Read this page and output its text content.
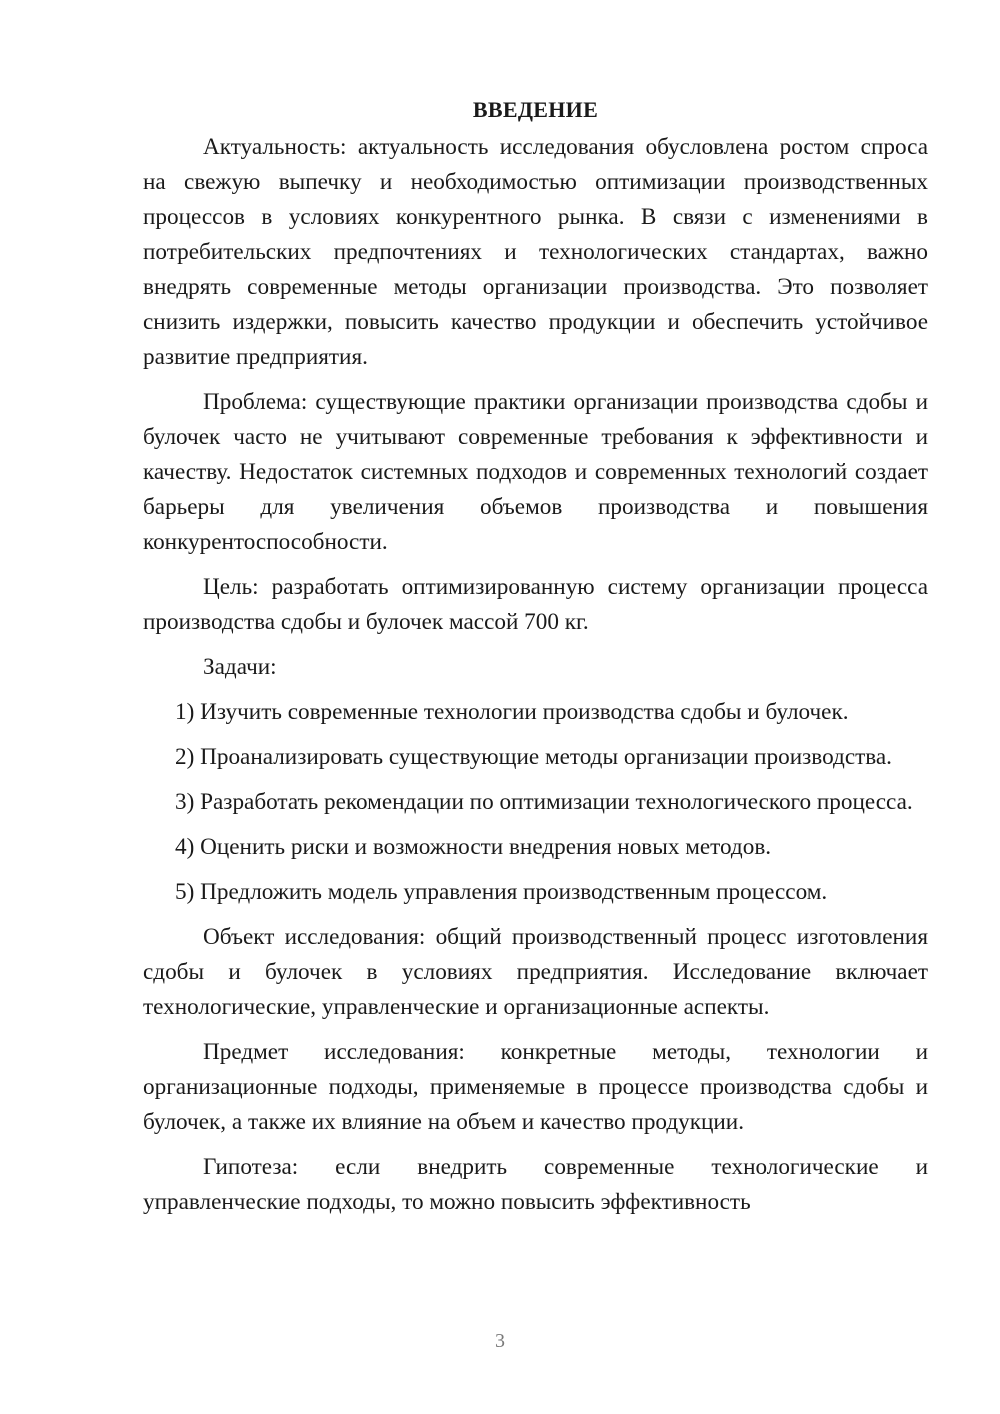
ВВЕДЕНИЕ

Актуальность: актуальность исследования обусловлена ростом спроса на свежую выпечку и необходимостью оптимизации производственных процессов в условиях конкурентного рынка. В связи с изменениями в потребительских предпочтениях и технологических стандартах, важно внедрять современные методы организации производства. Это позволяет снизить издержки, повысить качество продукции и обеспечить устойчивое развитие предприятия.

Проблема: существующие практики организации производства сдобы и булочек часто не учитывают современные требования к эффективности и качеству. Недостаток системных подходов и современных технологий создает барьеры для увеличения объемов производства и повышения конкурентоспособности.

Цель: разработать оптимизированную систему организации процесса производства сдобы и булочек массой 700 кг.

Задачи:

1) Изучить современные технологии производства сдобы и булочек.

2) Проанализировать существующие методы организации производства.

3) Разработать рекомендации по оптимизации технологического процесса.

4) Оценить риски и возможности внедрения новых методов.

5) Предложить модель управления производственным процессом.

Объект исследования: общий производственный процесс изготовления сдобы и булочек в условиях предприятия. Исследование включает технологические, управленческие и организационные аспекты.

Предмет исследования: конкретные методы, технологии и организационные подходы, применяемые в процессе производства сдобы и булочек, а также их влияние на объем и качество продукции.

Гипотеза: если внедрить современные технологические и управленческие подходы, то можно повысить эффективность

3
